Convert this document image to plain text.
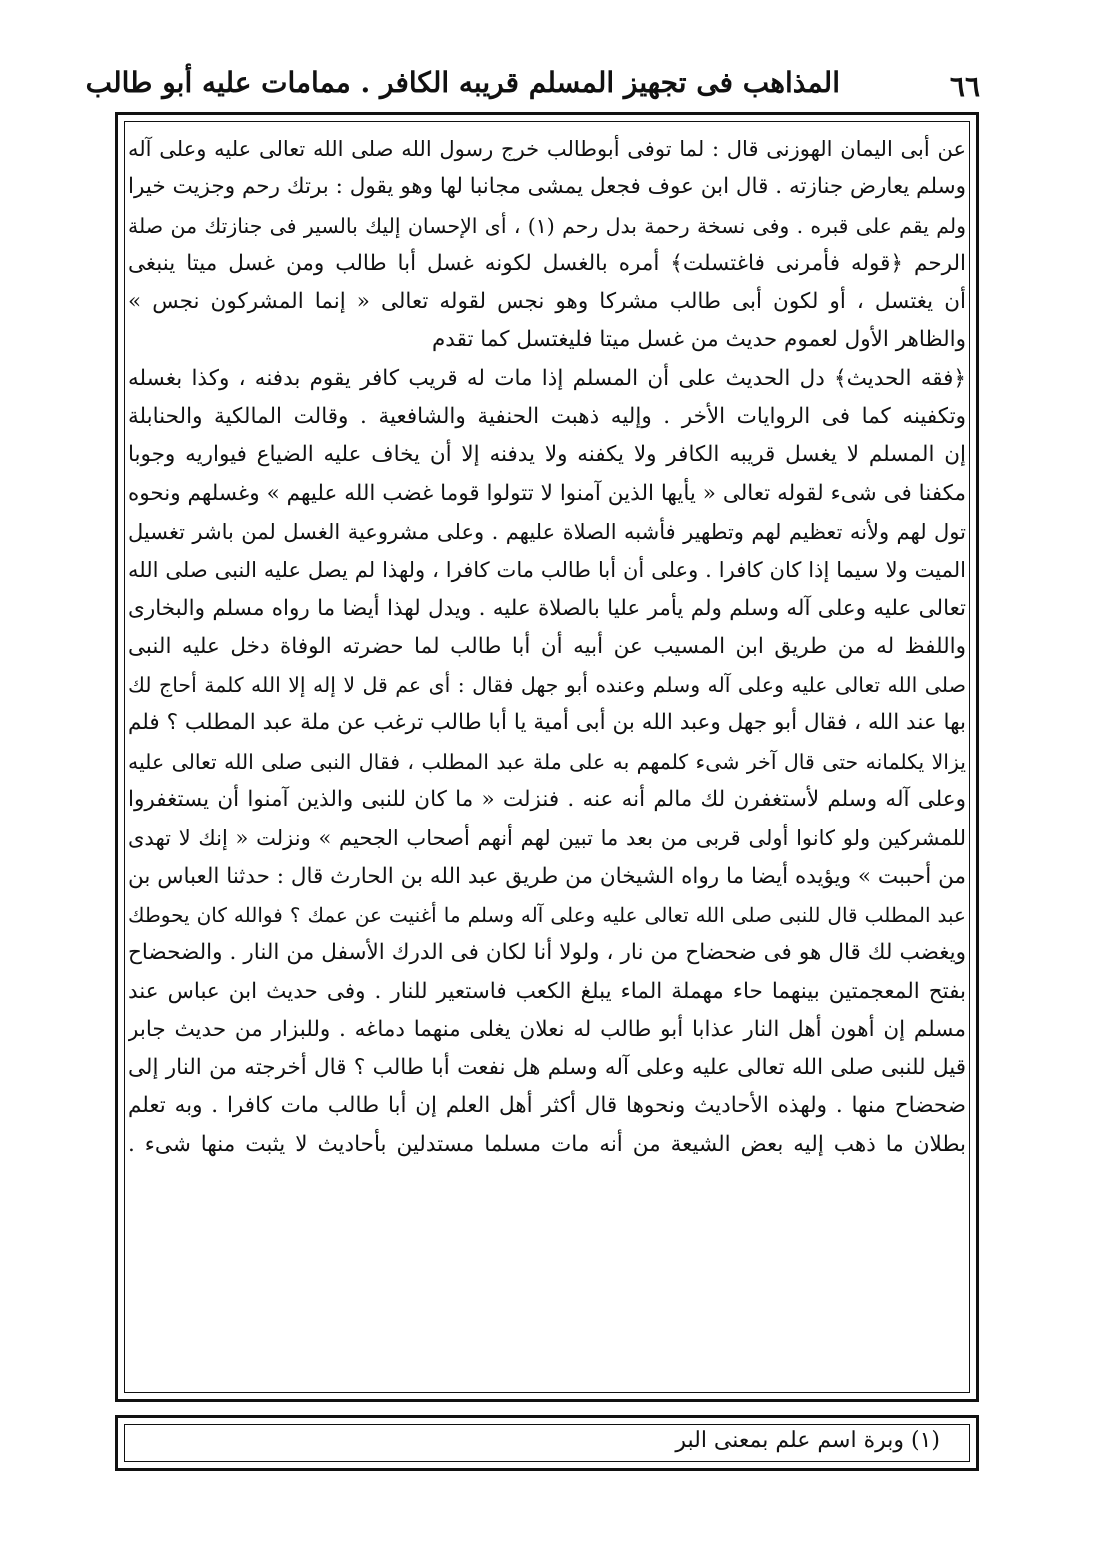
المذاهب فى تجهيز المسلم قريبه الكافر . ممامات عليه أبو طالب	٦٦
عن أبى اليمان الهوزنى قال : لما توفى أبوطالب خرج رسول الله صلى الله تعالى عليه وعلى آله
وسلم يعارض جنازته . قال ابن عوف فجعل يمشى مجانبا لها وهو يقول : برتك رحم وجزيت خيرا
ولم يقم على قبره . وفى نسخة رحمة بدل رحم (١) ، أى الإحسان إليك بالسير فى جنازتك من صلة
الرحم ﴿قوله فأمرنى فاغتسلت﴾ أمره بالغسل لكونه غسل أبا طالب ومن غسل ميتا ينبغى
أن يغتسل ، أو لكون أبى طالب مشركا وهو نجس لقوله تعالى « إنما المشركون نجس »
والظاهر الأول لعموم حديث من غسل ميتا فليغتسل كما تقدم
﴿فقه الحديث﴾ دل الحديث على أن المسلم إذا مات له قريب كافر يقوم بدفنه ، وكذا بغسله
وتكفينه كما فى الروايات الأخر . وإليه ذهبت الحنفية والشافعية . وقالت المالكية والحنابلة
إن المسلم لا يغسل قريبه الكافر ولا يكفنه ولا يدفنه إلا أن يخاف عليه الضياع فيواريه وجوبا
مكفنا فى شىء لقوله تعالى « يأيها الذين آمنوا لا تتولوا قوما غضب الله عليهم » وغسلهم ونحوه
تول لهم ولأنه تعظيم لهم وتطهير فأشبه الصلاة عليهم . وعلى مشروعية الغسل لمن باشر تغسيل
الميت ولا سيما إذا كان كافرا . وعلى أن أبا طالب مات كافرا ، ولهذا لم يصل عليه النبى صلى الله
تعالى عليه وعلى آله وسلم ولم يأمر عليا بالصلاة عليه . ويدل لهذا أيضا ما رواه مسلم والبخارى
واللفظ له من طريق ابن المسيب عن أبيه أن أبا طالب لما حضرته الوفاة دخل عليه النبى
صلى الله تعالى عليه وعلى آله وسلم وعنده أبو جهل فقال : أى عم قل لا إله إلا الله كلمة أحاج لك
بها عند الله ، فقال أبو جهل وعبد الله بن أبى أمية يا أبا طالب ترغب عن ملة عبد المطلب ؟ فلم
يزالا يكلمانه حتى قال آخر شىء كلمهم به على ملة عبد المطلب ، فقال النبى صلى الله تعالى عليه
وعلى آله وسلم لأستغفرن لك مالم أنه عنه . فنزلت « ما كان للنبى والذين آمنوا أن يستغفروا
للمشركين ولو كانوا أولى قربى من بعد ما تبين لهم أنهم أصحاب الجحيم » ونزلت « إنك لا تهدى
من أحببت » ويؤيده أيضا ما رواه الشيخان من طريق عبد الله بن الحارث قال : حدثنا العباس بن
عبد المطلب قال للنبى صلى الله تعالى عليه وعلى آله وسلم ما أغنيت عن عمك ؟ فوالله كان يحوطك
ويغضب لك قال هو فى ضحضاح من نار ، ولولا أنا لكان فى الدرك الأسفل من النار . والضحضاح
بفتح المعجمتين بينهما حاء مهملة الماء يبلغ الكعب فاستعير للنار . وفى حديث ابن عباس عند
مسلم إن أهون أهل النار عذابا أبو طالب له نعلان يغلى منهما دماغه . وللبزار من حديث جابر
قيل للنبى صلى الله تعالى عليه وعلى آله وسلم هل نفعت أبا طالب ؟ قال أخرجته من النار إلى
ضحضاح منها . ولهذه الأحاديث ونحوها قال أكثر أهل العلم إن أبا طالب مات كافرا . وبه تعلم
بطلان ما ذهب إليه بعض الشيعة من أنه مات مسلما مستدلين بأحاديث لا يثبت منها شىء .
(١) وبرة اسم علم بمعنى البر
